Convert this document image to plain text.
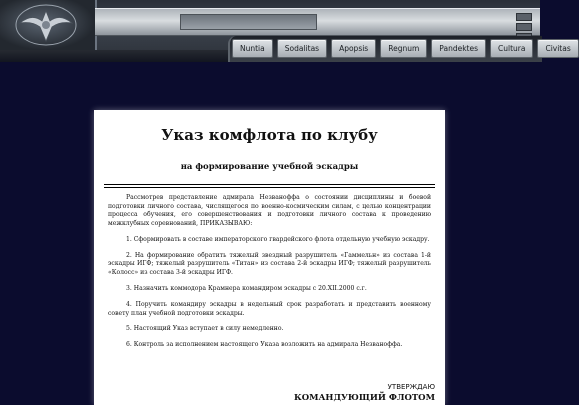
Nuntia	Sodalitas	Apopsis	Regnum	Pandektes	Cultura	Civitas
Указ комфлота по клубу
на формирование учебной эскадры

Рассмотрев представление адмирала Незваноффа о состоянии дисциплины и боевой подготовки личного состава, числящегося по военно-космическим силам, с целью концентрации процесса обучения, его совершенствования и подготовки личного состава к проведению межклубных соревнований, ПРИКАЗЫВАЮ:

1. Сформировать в составе императорского гвардейского флота отдельную учебную эскадру.

2. На формирование обратить тяжелый звездный разрушитель «Гаммельн» из состава 1-й эскадры ИГФ; тяжелый разрушитель «Титан» из состава 2-й эскадры ИГФ; тяжелый разрушитель «Колосс» из состава 3-й эскадры ИГФ.

3. Назначить коммодора Крамнера командиром эскадры с 20.XII.2000 с.г.

4. Поручить командиру эскадры в недельный срок разработать и представить военному совету план учебной подготовки эскадры.

5. Настоящий Указ вступает в силу немедленно.

6. Контроль за исполнением настоящего Указа возложить на адмирала Незваноффа.

УТВЕРЖДАЮ
КОМАНДУЮЩИЙ ФЛОТОМ
